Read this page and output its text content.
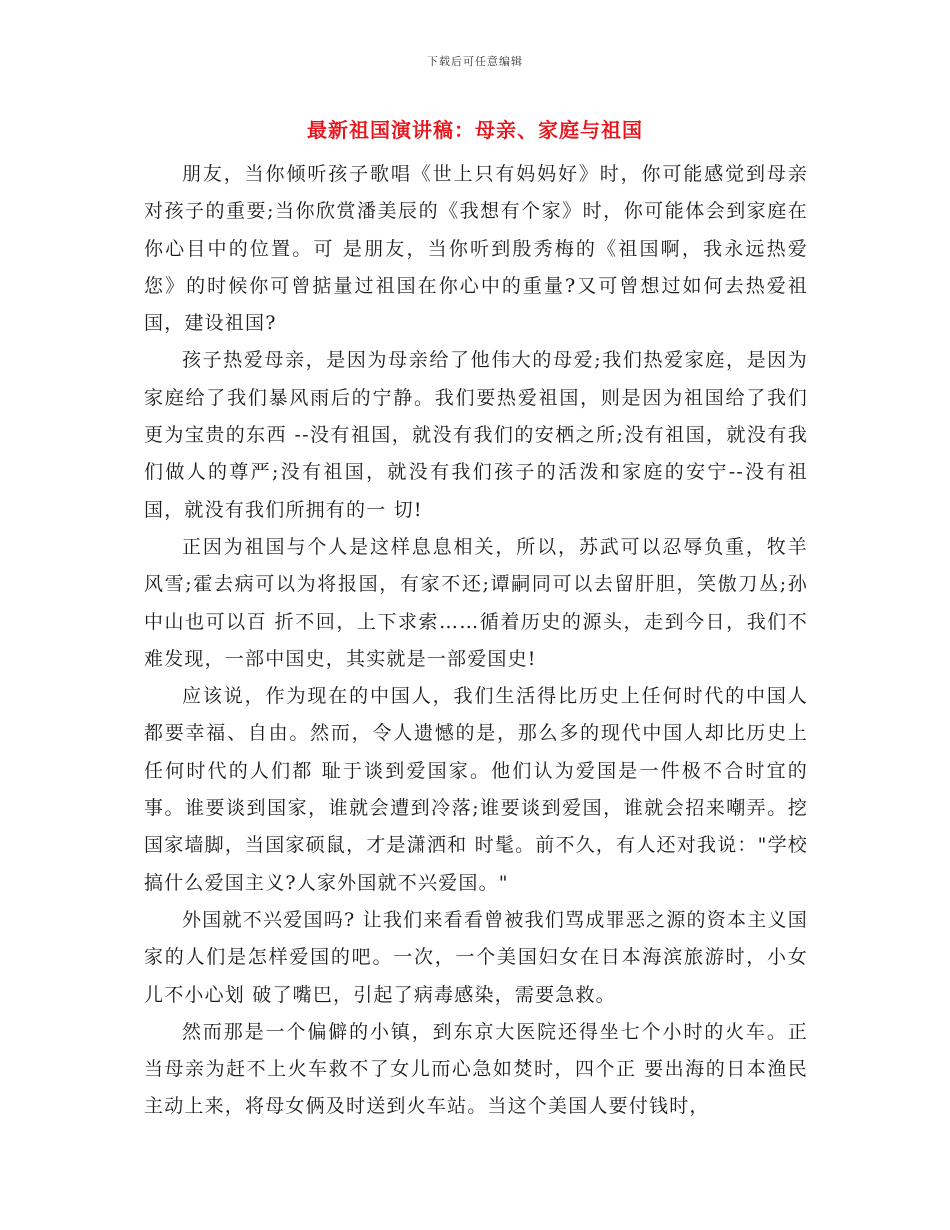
下载后可任意编辑
最新祖国演讲稿：母亲、家庭与祖国

朋友，当你倾听孩子歌唱《世上只有妈妈好》时，你可能感觉到母亲对孩子的重要;当你欣赏潘美辰的《我想有个家》时，你可能体会到家庭在你心目中的位置。可 是朋友，当你听到殷秀梅的《祖国啊，我永远热爱您》的时候你可曾掂量过祖国在你心中的重量?又可曾想过如何去热爱祖国，建设祖国?

孩子热爱母亲，是因为母亲给了他伟大的母爱;我们热爱家庭，是因为家庭给了我们暴风雨后的宁静。我们要热爱祖国，则是因为祖国给了我们更为宝贵的东西 --没有祖国，就没有我们的安栖之所;没有祖国，就没有我们做人的尊严;没有祖国，就没有我们孩子的活泼和家庭的安宁--没有祖国，就没有我们所拥有的一 切!

正因为祖国与个人是这样息息相关，所以，苏武可以忍辱负重，牧羊风雪;霍去病可以为将报国，有家不还;谭嗣同可以去留肝胆，笑傲刀丛;孙中山也可以百 折不回，上下求索……循着历史的源头，走到今日，我们不难发现，一部中国史，其实就是一部爱国史!

应该说，作为现在的中国人，我们生活得比历史上任何时代的中国人都要幸福、自由。然而，令人遗憾的是，那么多的现代中国人却比历史上任何时代的人们都 耻于谈到爱国家。他们认为爱国是一件极不合时宜的事。谁要谈到国家，谁就会遭到冷落;谁要谈到爱国，谁就会招来嘲弄。挖国家墙脚，当国家硕鼠，才是潇洒和 时髦。前不久，有人还对我说："学校搞什么爱国主义?人家外国就不兴爱国。"

外国就不兴爱国吗? 让我们来看看曾被我们骂成罪恶之源的资本主义国家的人们是怎样爱国的吧。一次，一个美国妇女在日本海滨旅游时，小女儿不小心划 破了嘴巴，引起了病毒感染，需要急救。

然而那是一个偏僻的小镇，到东京大医院还得坐七个小时的火车。正当母亲为赶不上火车救不了女儿而心急如焚时，四个正 要出海的日本渔民主动上来，将母女俩及时送到火车站。当这个美国人要付钱时，
